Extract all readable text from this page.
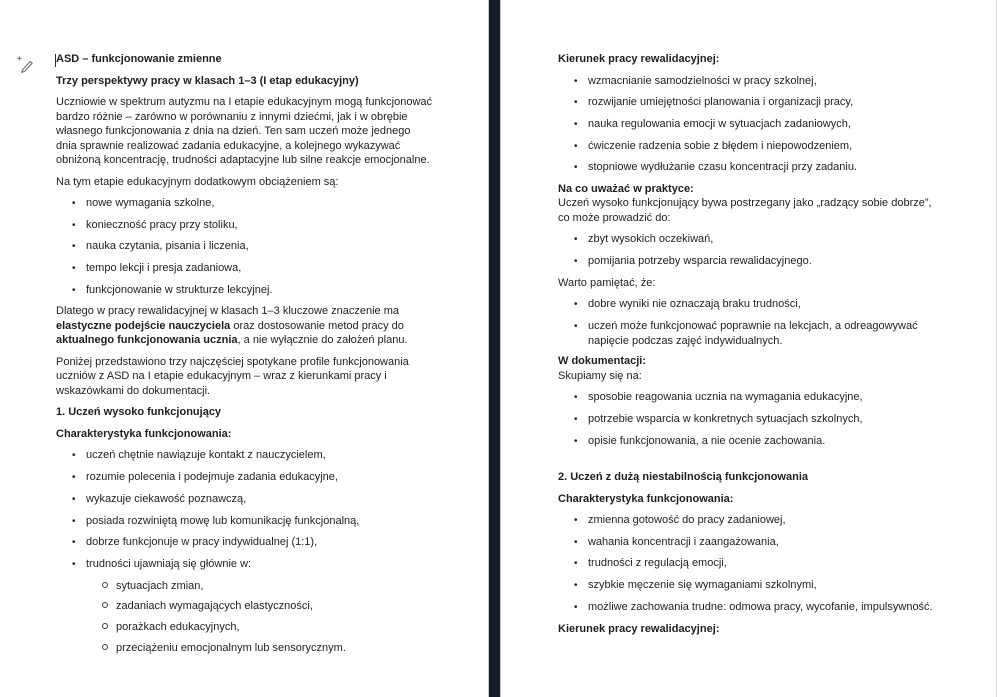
ASD – funkcjonowanie zmienne
Trzy perspektywy pracy w klasach 1–3 (I etap edukacyjny)

Uczniowie w spektrum autyzmu na I etapie edukacyjnym mogą funkcjonować bardzo różnie – zarówno w porównaniu z innymi dziećmi, jak i w obrębie własnego funkcjonowania z dnia na dzień. Ten sam uczeń może jednego dnia sprawnie realizować zadania edukacyjne, a kolejnego wykazywać obniżoną koncentrację, trudności adaptacyjne lub silne reakcje emocjonalne.

Na tym etapie edukacyjnym dodatkowym obciążeniem są:

• nowe wymagania szkolne,
• konieczność pracy przy stoliku,
• nauka czytania, pisania i liczenia,
• tempo lekcji i presja zadaniowa,
• funkcjonowanie w strukturze lekcyjnej.

Dlatego w pracy rewalidacyjnej w klasach 1–3 kluczowe znaczenie ma elastyczne podejście nauczyciela oraz dostosowanie metod pracy do aktualnego funkcjonowania ucznia, a nie wyłącznie do założeń planu.

Poniżej przedstawiono trzy najczęściej spotykane profile funkcjonowania uczniów z ASD na I etapie edukacyjnym – wraz z kierunkami pracy i wskazówkami do dokumentacji.

1. Uczeń wysoko funkcjonujący
Charakterystyka funkcjonowania:
• uczeń chętnie nawiązuje kontakt z nauczycielem,
• rozumie polecenia i podejmuje zadania edukacyjne,
• wykazuje ciekawość poznawczą,
• posiada rozwiniętą mowę lub komunikację funkcjonalną,
• dobrze funkcjonuje w pracy indywidualnej (1:1),
• trudności ujawniają się głównie w:
sytuacjach zmian,
zadaniach wymagających elastyczności,
porażkach edukacyjnych,
przeciążeniu emocjonalnym lub sensorycznym.
Kierunek pracy rewalidacyjnej:
• wzmacnianie samodzielności w pracy szkolnej,
• rozwijanie umiejętności planowania i organizacji pracy,
• nauka regulowania emocji w sytuacjach zadaniowych,
• ćwiczenie radzenia sobie z błędem i niepowodzeniem,
• stopniowe wydłużanie czasu koncentracji przy zadaniu.
Na co uważać w praktyce:

Uczeń wysoko funkcjonujący bywa postrzegany jako „radzący sobie dobrze”, co może prowadzić do:

• zbyt wysokich oczekiwań,
• pomijania potrzeby wsparcia rewalidacyjnego.

Warto pamiętać, że:

• dobre wyniki nie oznaczają braku trudności,
• uczeń może funkcjonować poprawnie na lekcjach, a odreagowywać napięcie podczas zajęć indywidualnych.
W dokumentacji:

Skupiamy się na:

• sposobie reagowania ucznia na wymagania edukacyjne,
• potrzebie wsparcia w konkretnych sytuacjach szkolnych,
• opisie funkcjonowania, a nie ocenie zachowania.
2. Uczeń z dużą niestabilnością funkcjonowania
Charakterystyka funkcjonowania:
• zmienna gotowość do pracy zadaniowej,
• wahania koncentracji i zaangażowania,
• trudności z regulacją emocji,
• szybkie męczenie się wymaganiami szkolnymi,
• możliwe zachowania trudne: odmowa pracy, wycofanie, impulsywność.
Kierunek pracy rewalidacyjnej:
